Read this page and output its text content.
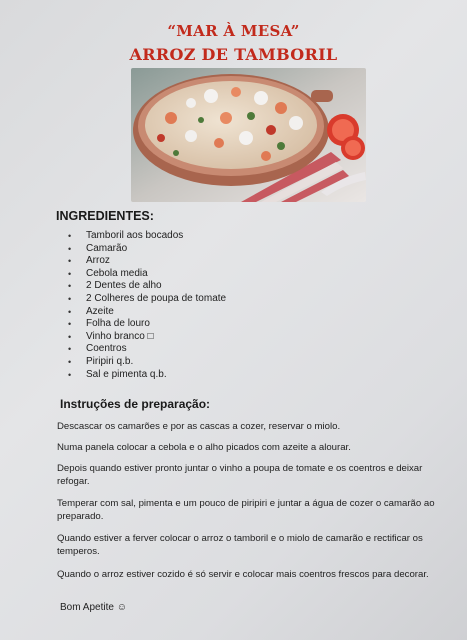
“MAR À MESA”
ARROZ DE TAMBORIL
INGREDIENTES:
• Tamboril aos bocados
• Camarão
• Arroz
• Cebola media
• 2 Dentes de alho
• 2 Colheres de poupa de tomate
• Azeite
• Folha de louro
• Vinho branco □
• Coentros
• Piripiri q.b.
• Sal e pimenta q.b.
Instruções de preparação:
Descascar os camarões e por as cascas a cozer, reservar o miolo.
Numa panela colocar a cebola e o alho picados com azeite a alourar.
Depois quando estiver pronto juntar o vinho a poupa de tomate e os coentros e deixar refogar.
Temperar com sal, pimenta e um pouco de piripiri e juntar a água de cozer o camarão ao preparado.
Quando estiver a ferver colocar o arroz o tamboril e o miolo de camarão e rectificar os temperos.
Quando o arroz estiver cozido é só servir e colocar mais coentros frescos para decorar.
Bom Apetite ☺
